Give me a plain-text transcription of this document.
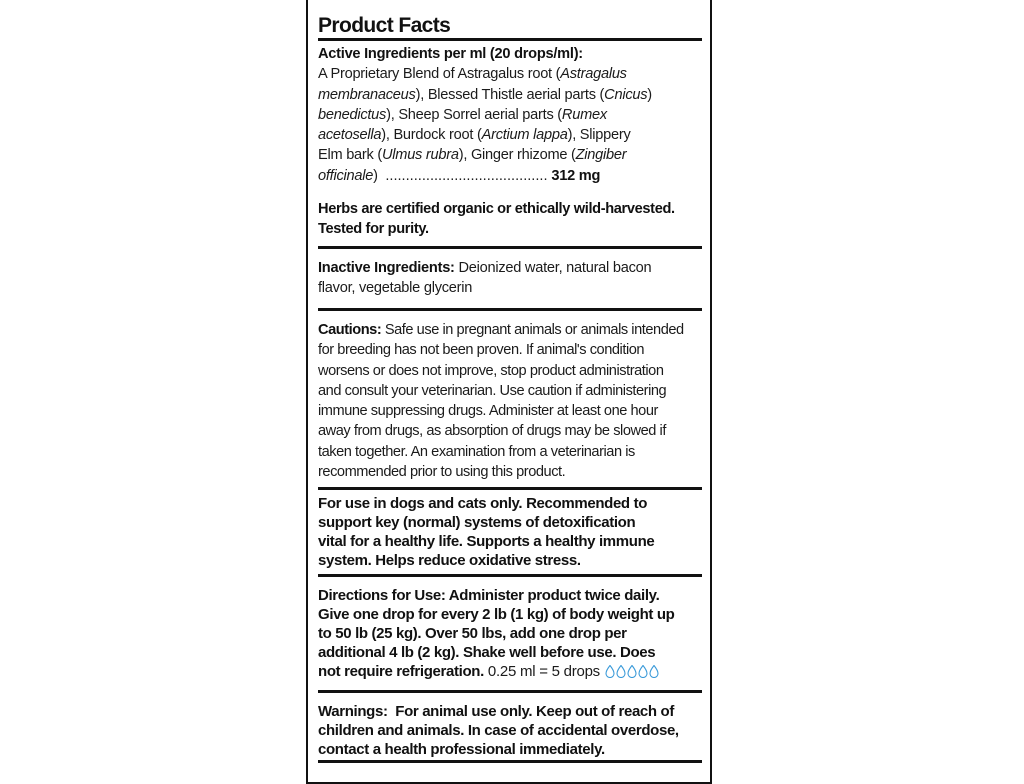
Product Facts
Active Ingredients per ml (20 drops/ml):
A Proprietary Blend of Astragalus root (Astragalus
membranaceus), Blessed Thistle aerial parts (Cnicus)
benedictus), Sheep Sorrel aerial parts (Rumex
acetosella), Burdock root (Arctium lappa), Slippery
Elm bark (Ulmus rubra), Ginger rhizome (Zingiber
officinale) ........................................ 312 mg
Herbs are certified organic or ethically wild-harvested.
Tested for purity.
Inactive Ingredients: Deionized water, natural bacon
flavor, vegetable glycerin
Cautions: Safe use in pregnant animals or animals intended
for breeding has not been proven. If animal's condition
worsens or does not improve, stop product administration
and consult your veterinarian. Use caution if administering
immune suppressing drugs. Administer at least one hour
away from drugs, as absorption of drugs may be slowed if
taken together. An examination from a veterinarian is
recommended prior to using this product.
For use in dogs and cats only. Recommended to
support key (normal) systems of detoxification
vital for a healthy life. Supports a healthy immune
system. Helps reduce oxidative stress.
Directions for Use: Administer product twice daily.
Give one drop for every 2 lb (1 kg) of body weight up
to 50 lb (25 kg). Over 50 lbs, add one drop per
additional 4 lb (2 kg). Shake well before use. Does
not require refrigeration. 0.25 ml = 5 drops
Warnings:  For animal use only. Keep out of reach of
children and animals. In case of accidental overdose,
contact a health professional immediately.
